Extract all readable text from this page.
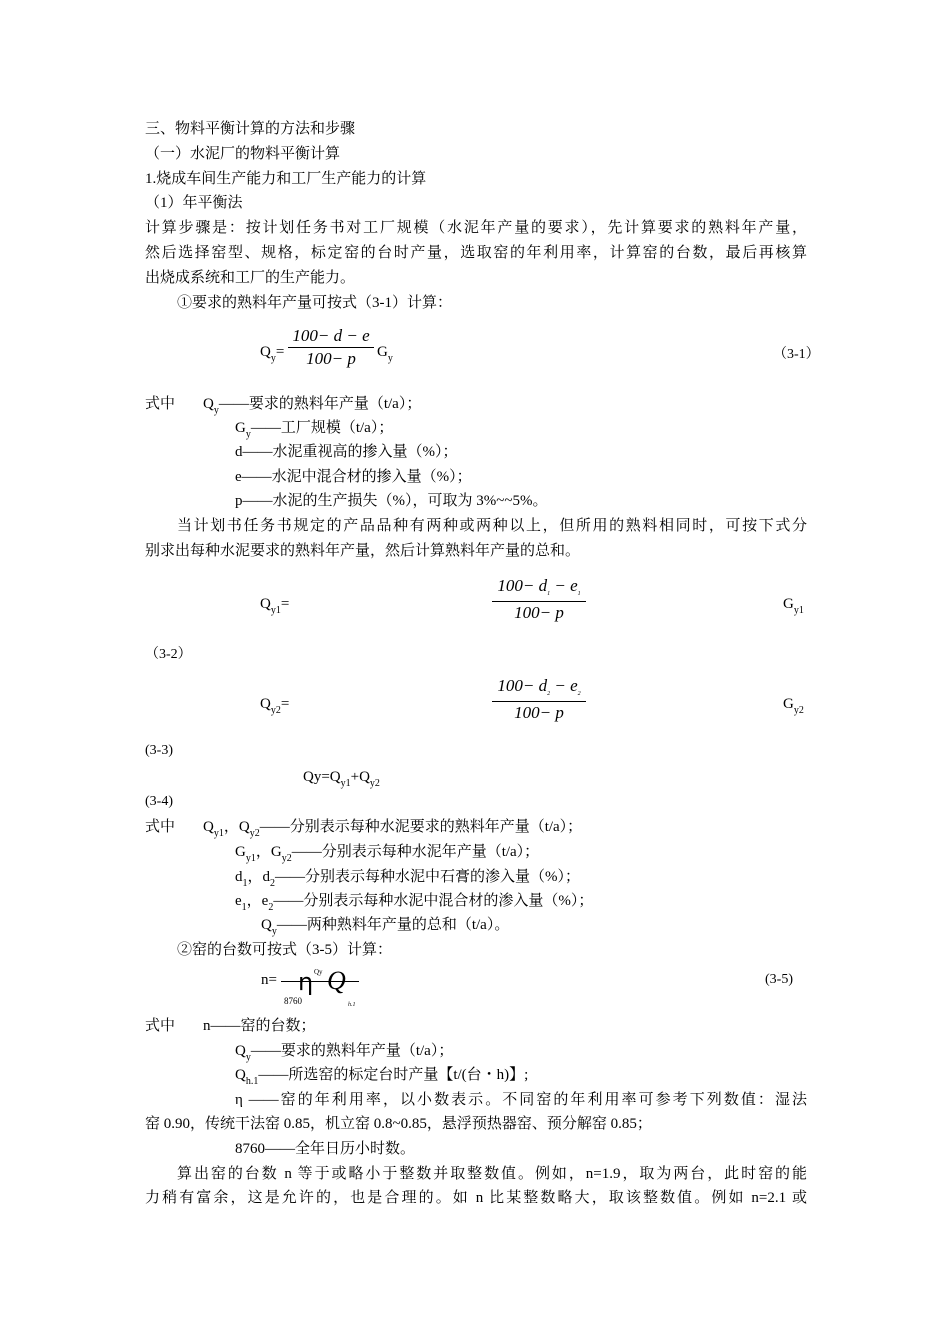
三、物料平衡计算的方法和步骤
（一）水泥厂的物料平衡计算
1.烧成车间生产能力和工厂生产能力的计算
（1）年平衡法
计算步骤是：按计划任务书对工厂规模（水泥年产量的要求），先计算要求的熟料年产量，
然后选择窑型、规格，标定窑的台时产量，选取窑的年利用率，计算窑的台数，最后再核算
出烧成系统和工厂的生产能力。
①要求的熟料年产量可按式（3-1）计算：
$Q_y=$
100− d − e
100− p	$G_y$	（3-1）
式中 $Q_y——$要求的熟料年产量（t/a）；
$G_y——$工厂规模（t/a）；
d——水泥重视高的掺入量（%）；
e——水泥中混合材的掺入量（%）；
p——水泥的生产损失（%），可取为 3%~~5%。
当计划书任务书规定的产品品种有两种或两种以上，但所用的熟料相同时，可按下式分
别求出每种水泥要求的熟料年产量，然后计算熟料年产量的总和。
$Q_{y1}=$
$100- d_1 - e_1$
100− p	$G_{y1}$
（3-2）
$Q_{y2}=$
$100- d_2 - e_2$
100− p	$G_{y2}$
(3-3)
$Qy=Q_{y1}+Q_{y2}$
(3-4)
式中 $Q_{y1}$，$Q_{y2}——$分别表示每种水泥要求的熟料年产量（t/a）；
$G_{y1}$，$G_{y2}——$分别表示每种水泥年产量（t/a）；
$d_1$，$d_2——$分别表示每种水泥中石膏的渗入量（%）；
$e_1$，$e_2——$分别表示每种水泥中混合材的渗入量（%）；
$Q_y——$两种熟料年产量的总和（t/a）。
②窑的台数可按式（3-5）计算：
n= η Qy Q
8760	h.1
(3-5)
式中 n——窑的台数；
$Q_y——$要求的熟料年产量（t/a）；
$Q_{h.1}——$所选窑的标定台时产量【t/(台・h)】;
η ——窑的年利用率，以小数表示。不同窑的年利用率可参考下列数值：湿法
窑 0.90，传统干法窑 0.85，机立窑 0.8~0.85，悬浮预热器窑、预分解窑 0.85；
8760——全年日历小时数。
算出窑的台数 n 等于或略小于整数并取整数值。例如，n=1.9，取为两台，此时窑的能
力稍有富余，这是允许的，也是合理的。如 n 比某整数略大，取该整数值。例如 n=2.1 或
